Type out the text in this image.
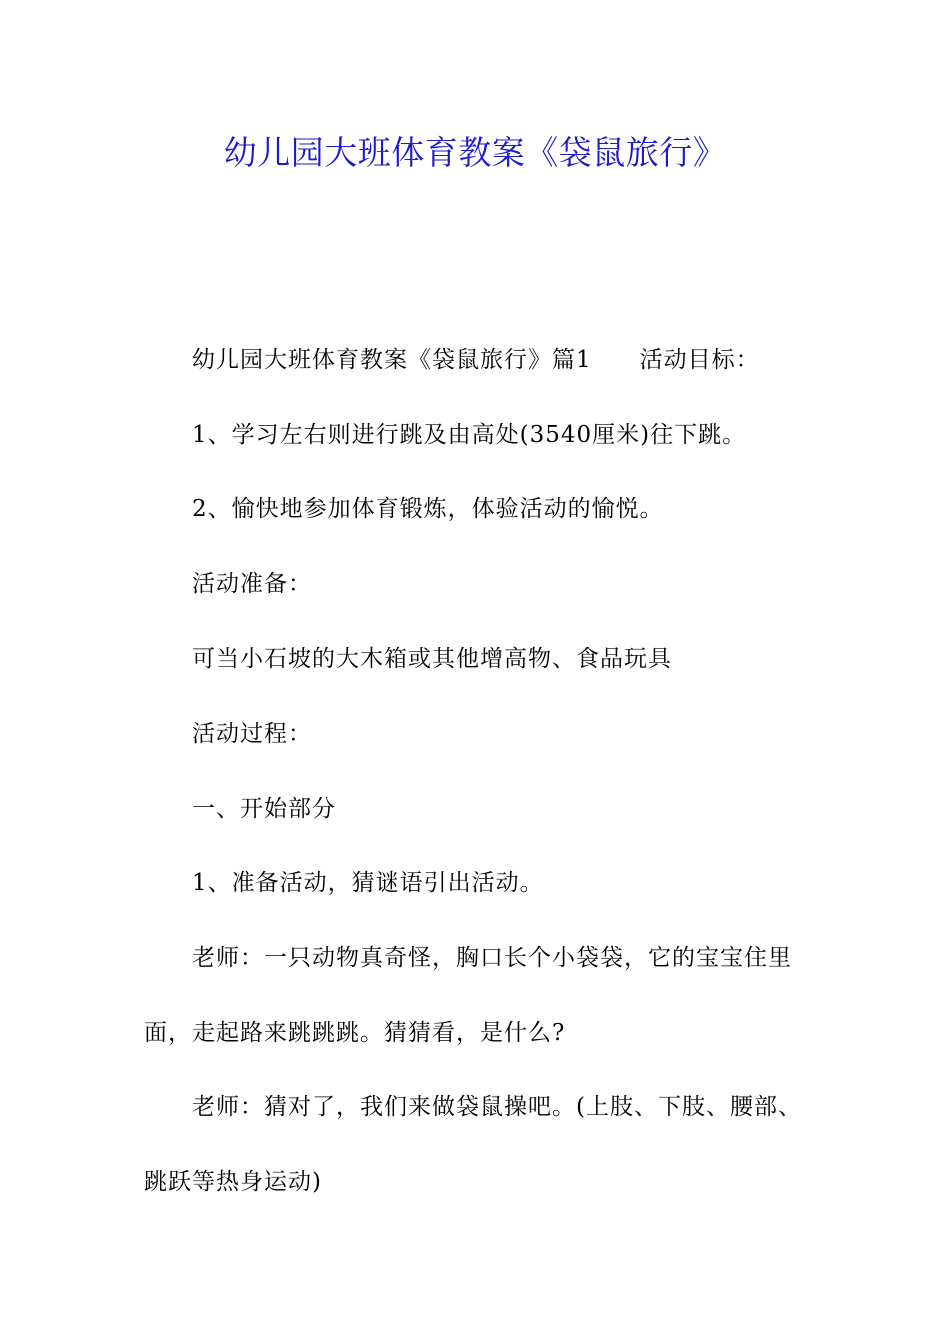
幼儿园大班体育教案《袋鼠旅行》
幼儿园大班体育教案《袋鼠旅行》篇1 活动目标：
1、学习左右则进行跳及由高处(3540厘米)往下跳。
2、愉快地参加体育锻炼，体验活动的愉悦。
活动准备：
可当小石坡的大木箱或其他增高物、食品玩具
活动过程：
一、开始部分
1、准备活动，猜谜语引出活动。
老师：一只动物真奇怪，胸口长个小袋袋，它的宝宝住里
面，走起路来跳跳跳。猜猜看，是什么?
老师：猜对了，我们来做袋鼠操吧。(上肢、下肢、腰部、
跳跃等热身运动)
